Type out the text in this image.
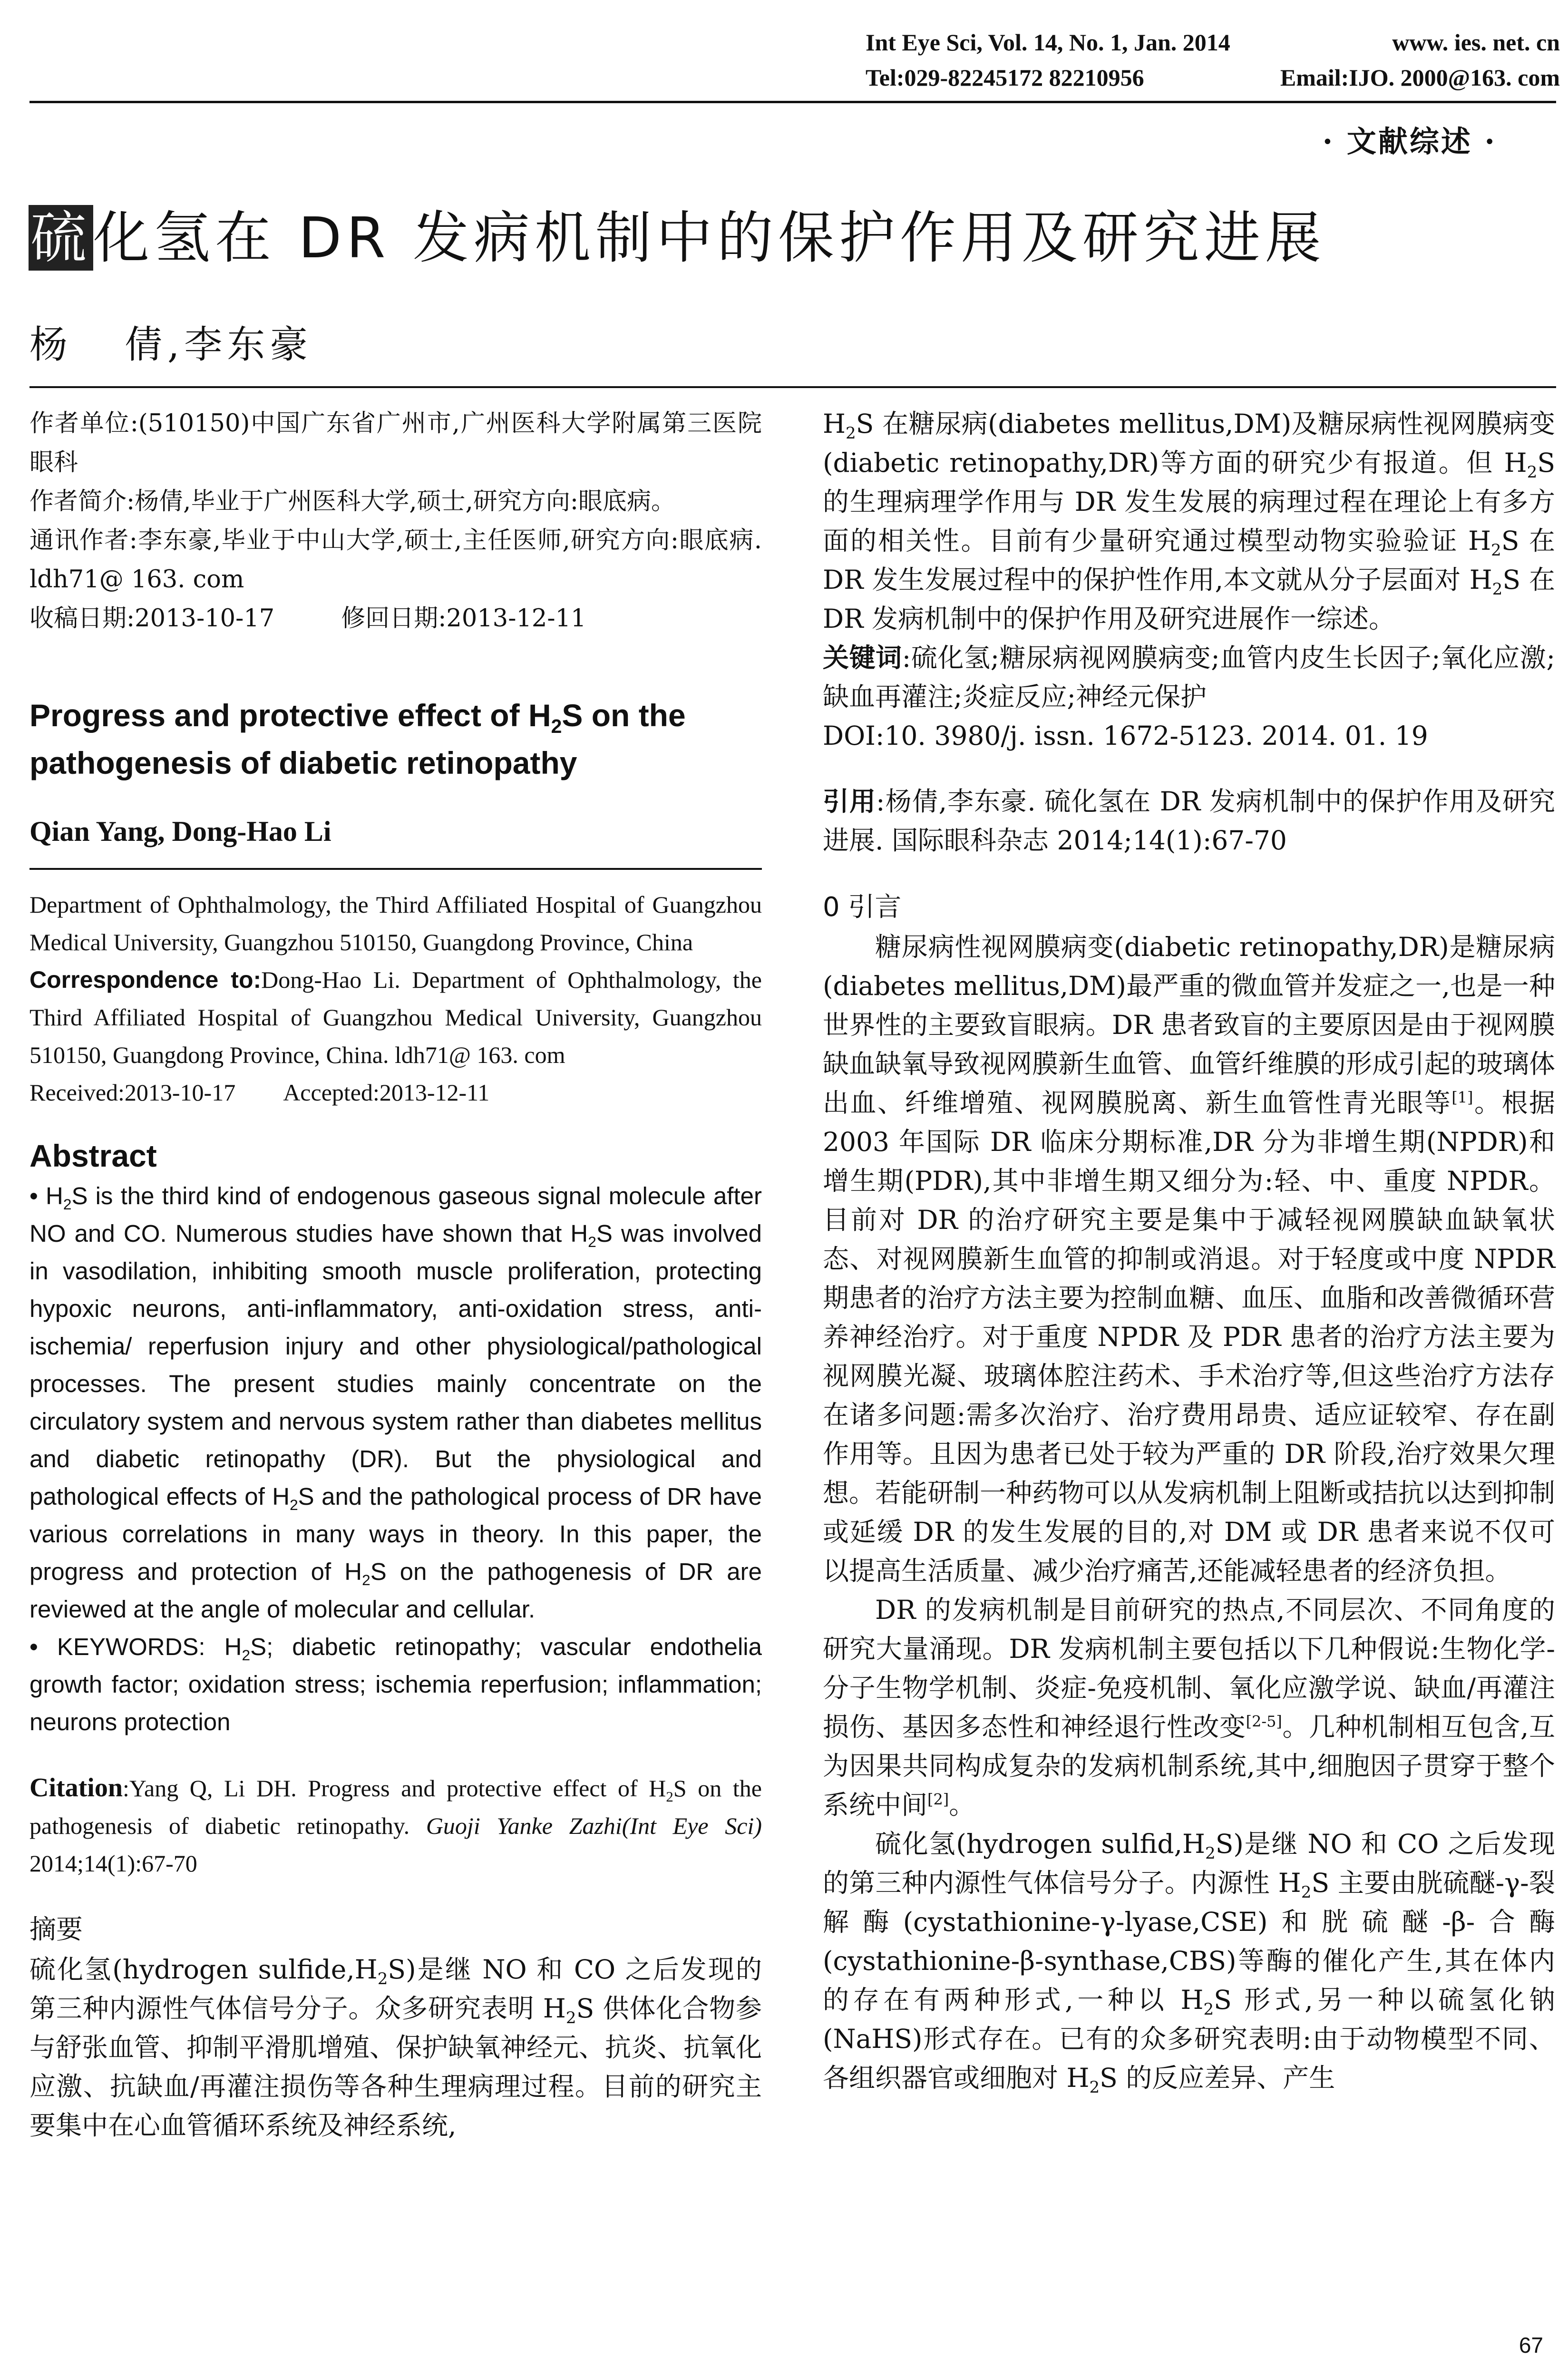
Int Eye Sci, Vol. 14, No. 1, Jan. 2014	www. ies. net. cn
Tel:029-82245172 82210956	Email:IJO. 2000@163. com
· 文献综述 ·
硫化氢在 DR 发病机制中的保护作用及研究进展
杨 倩,李东豪

作者单位:(510150)中国广东省广州市,广州医科大学附属第三医院眼科

作者简介:杨倩,毕业于广州医科大学,硕士,研究方向:眼底病。

通讯作者:李东豪,毕业于中山大学,硕士,主任医师,研究方向:眼底病. ldh71@ 163. com

收稿日期:2013-10-17	修回日期:2013-12-11

Progress and protective effect of $H_2S$ on the pathogenesis of diabetic retinopathy
Qian Yang, Dong-Hao Li

Department of Ophthalmology, the Third Affiliated Hospital of Guangzhou Medical University, Guangzhou 510150, Guangdong Province, China

Correspondence to:Dong-Hao Li. Department of Ophthalmology, the Third Affiliated Hospital of Guangzhou Medical University, Guangzhou 510150, Guangdong Province, China. ldh71@ 163. com

Received:2013-10-17 Accepted:2013-12-11

Abstract

• $H_2S$ is the third kind of endogenous gaseous signal molecule after NO and CO. Numerous studies have shown that $H_2S$ was involved in vasodilation, inhibiting smooth muscle proliferation, protecting hypoxic neurons, anti-inflammatory, anti-oxidation stress, anti-ischemia/ reperfusion injury and other physiological/pathological processes. The present studies mainly concentrate on the circulatory system and nervous system rather than diabetes mellitus and diabetic retinopathy (DR). But the physiological and pathological effects of $H_2S$ and the pathological process of DR have various correlations in many ways in theory. In this paper, the progress and protection of $H_2S$ on the pathogenesis of DR are reviewed at the angle of molecular and cellular.

• KEYWORDS: $H_2S$; diabetic retinopathy; vascular endothelia growth factor; oxidation stress; ischemia reperfusion; inflammation; neurons protection

Citation:Yang Q, Li DH. Progress and protective effect of $H_2S$ on the pathogenesis of diabetic retinopathy. Guoji Yanke Zazhi(Int Eye Sci) 2014;14(1):67-70
摘要
硫化氢(hydrogen $sulfide,H_2S$)是继 NO 和 CO 之后发现的第三种内源性气体信号分子。众多研究表明 $H_2S$ 供体化合物参与舒张血管、抑制平滑肌增殖、保护缺氧神经元、抗炎、抗氧化应激、抗缺血/再灌注损伤等各种生理病理过程。目前的研究主要集中在心血管循环系统及神经系统,
$H_2S$ 在糖尿病(diabetes mellitus,DM)及糖尿病性视网膜病变(diabetic retinopathy,DR)等方面的研究少有报道。但 $H_2S$ 的生理病理学作用与 DR 发生发展的病理过程在理论上有多方面的相关性。目前有少量研究通过模型动物实验验证 $H_2S$ 在 DR 发生发展过程中的保护性作用,本文就从分子层面对 $H_2S$ 在 DR 发病机制中的保护作用及研究进展作一综述。
关键词:硫化氢;糖尿病视网膜病变;血管内皮生长因子;氧化应激;缺血再灌注;炎症反应;神经元保护
DOI:10. 3980/j. issn. 1672-5123. 2014. 01. 19
引用:杨倩,李东豪. 硫化氢在 DR 发病机制中的保护作用及研究进展. 国际眼科杂志 2014;14(1):67-70
0 引言

糖尿病性视网膜病变(diabetic retinopathy,DR)是糖尿病(diabetes mellitus,DM)最严重的微血管并发症之一,也是一种世界性的主要致盲眼病。DR 患者致盲的主要原因是由于视网膜缺血缺氧导致视网膜新生血管、血管纤维膜的形成引起的玻璃体出血、纤维增殖、视网膜脱离、新生血管性青光眼等[1]。根据 2003 年国际 DR 临床分期标准,DR 分为非增生期(NPDR)和增生期(PDR),其中非增生期又细分为:轻、中、重度 NPDR。目前对 DR 的治疗研究主要是集中于减轻视网膜缺血缺氧状态、对视网膜新生血管的抑制或消退。对于轻度或中度 NPDR 期患者的治疗方法主要为控制血糖、血压、血脂和改善微循环营养神经治疗。对于重度 NPDR 及 PDR 患者的治疗方法主要为视网膜光凝、玻璃体腔注药术、手术治疗等,但这些治疗方法存在诸多问题:需多次治疗、治疗费用昂贵、适应证较窄、存在副作用等。且因为患者已处于较为严重的 DR 阶段,治疗效果欠理想。若能研制一种药物可以从发病机制上阻断或拮抗以达到抑制或延缓 DR 的发生发展的目的,对 DM 或 DR 患者来说不仅可以提高生活质量、减少治疗痛苦,还能减轻患者的经济负担。

DR 的发病机制是目前研究的热点,不同层次、不同角度的研究大量涌现。DR 发病机制主要包括以下几种假说:生物化学-分子生物学机制、炎症-免疫机制、氧化应激学说、缺血/再灌注损伤、基因多态性和神经退行性改变[2-5]。几种机制相互包含,互为因果共同构成复杂的发病机制系统,其中,细胞因子贯穿于整个系统中间[2]。

硫化氢(hydrogen $sulfid,H_2S$)是继 NO 和 CO 之后发现的第三种内源性气体信号分子。内源性 $H_2S$ 主要由胱硫醚-γ-裂解酶(cystathionine-γ-lyase,CSE)和胱硫醚-β-合酶(cystathionine-β-synthase,CBS)等酶的催化产生,其在体内的存在有两种形式,一种以 $H_2S$ 形式,另一种以硫氢化钠(NaHS)形式存在。已有的众多研究表明:由于动物模型不同、各组织器官或细胞对 $H_2S$ 的反应差异、产生

67
